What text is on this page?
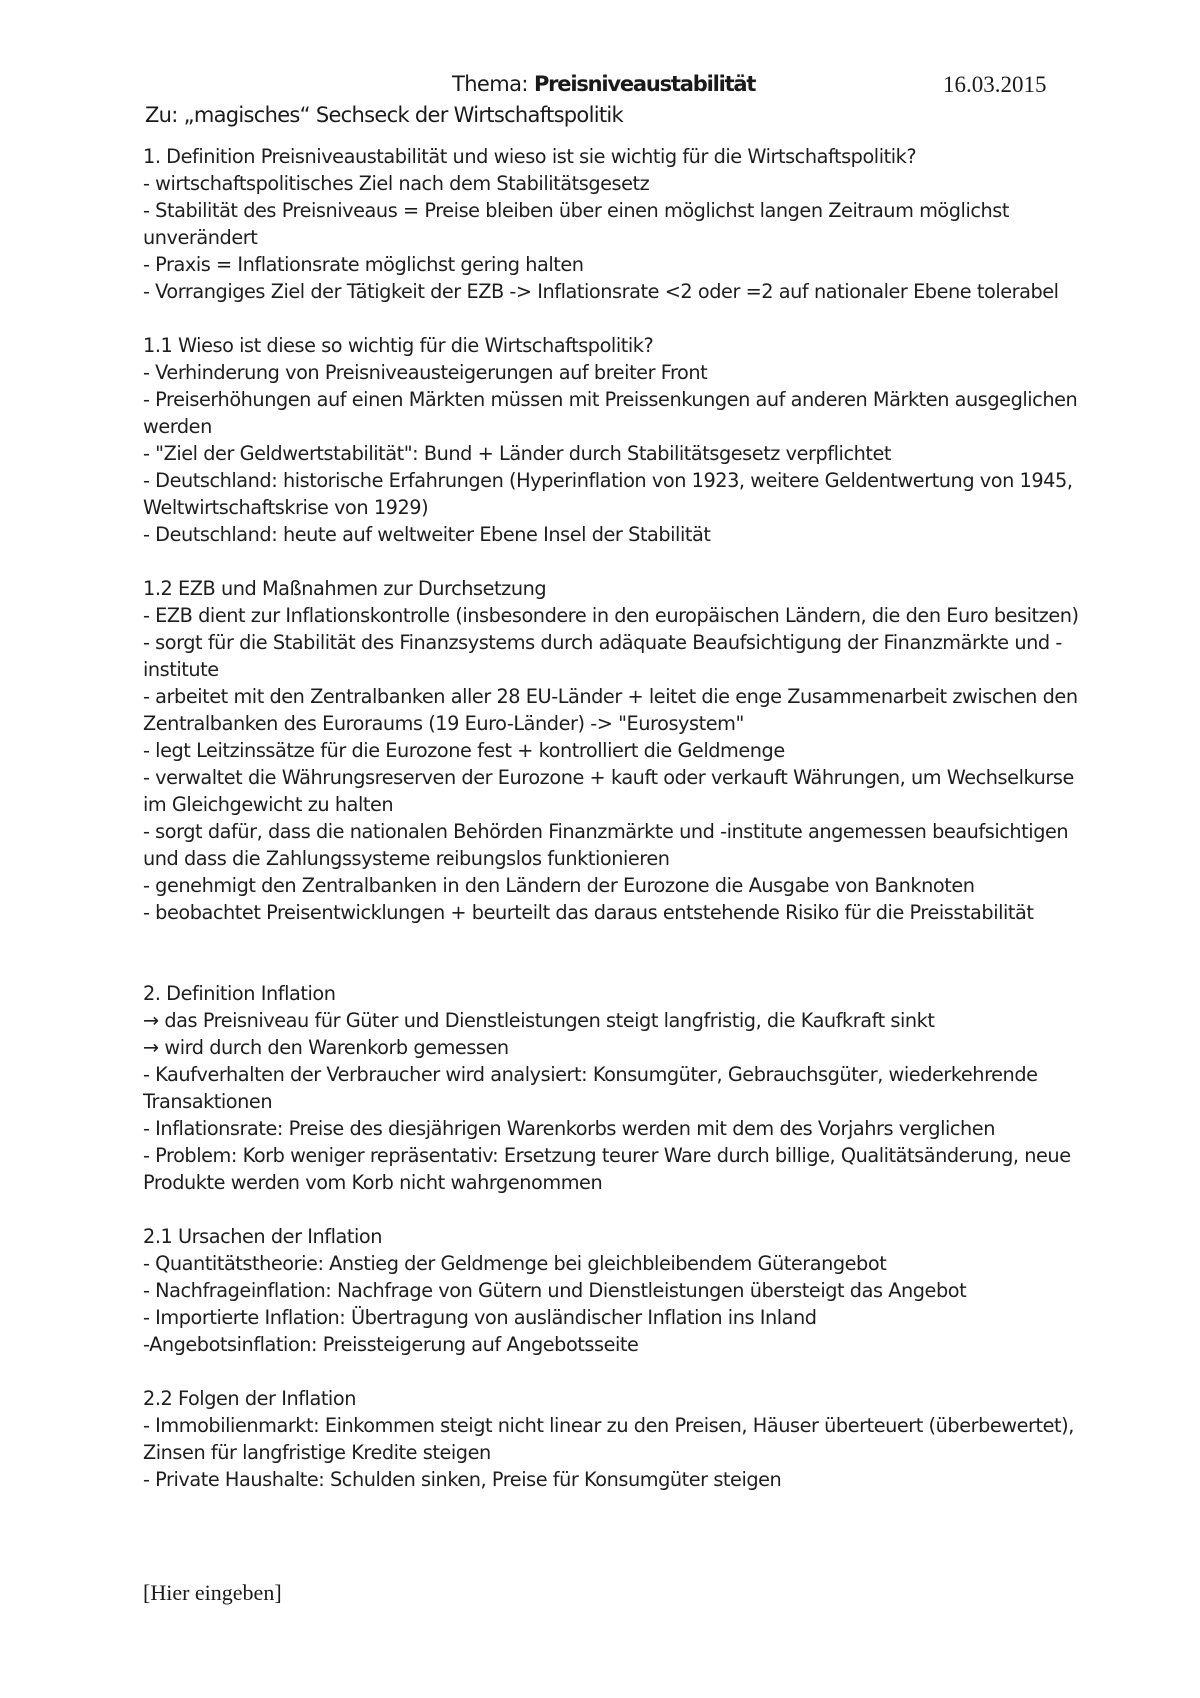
Thema: Preisniveaustabilität	16.03.2015
Zu: „magisches“ Sechseck der Wirtschaftspolitik
1. Definition Preisniveaustabilität und wieso ist sie wichtig für die Wirtschaftspolitik?
- wirtschaftspolitisches Ziel nach dem Stabilitätsgesetz
- Stabilität des Preisniveaus = Preise bleiben über einen möglichst langen Zeitraum möglichst unverändert
- Praxis = Inflationsrate möglichst gering halten
- Vorrangiges Ziel der Tätigkeit der EZB -> Inflationsrate <2 oder =2 auf nationaler Ebene tolerabel
1.1 Wieso ist diese so wichtig für die Wirtschaftspolitik?
- Verhinderung von Preisniveausteigerungen auf breiter Front
- Preiserhöhungen auf einen Märkten müssen mit Preissenkungen auf anderen Märkten ausgeglichen werden
- "Ziel der Geldwertstabilität": Bund + Länder durch Stabilitätsgesetz verpflichtet
- Deutschland: historische Erfahrungen (Hyperinflation von 1923, weitere Geldentwertung von 1945, Weltwirtschaftskrise von 1929)
- Deutschland: heute auf weltweiter Ebene Insel der Stabilität
1.2 EZB und Maßnahmen zur Durchsetzung
- EZB dient zur Inflationskontrolle (insbesondere in den europäischen Ländern, die den Euro besitzen)
- sorgt für die Stabilität des Finanzsystems durch adäquate Beaufsichtigung der Finanzmärkte und -institute
- arbeitet mit den Zentralbanken aller 28 EU-Länder + leitet die enge Zusammenarbeit zwischen den Zentralbanken des Euroraums (19 Euro-Länder) -> "Eurosystem"
- legt Leitzinssätze für die Eurozone fest + kontrolliert die Geldmenge
- verwaltet die Währungsreserven der Eurozone + kauft oder verkauft Währungen, um Wechselkurse im Gleichgewicht zu halten
- sorgt dafür, dass die nationalen Behörden Finanzmärkte und -institute angemessen beaufsichtigen und dass die Zahlungssysteme reibungslos funktionieren
- genehmigt den Zentralbanken in den Ländern der Eurozone die Ausgabe von Banknoten
- beobachtet Preisentwicklungen + beurteilt das daraus entstehende Risiko für die Preisstabilität
2. Definition Inflation
→ das Preisniveau für Güter und Dienstleistungen steigt langfristig, die Kaufkraft sinkt
→ wird durch den Warenkorb gemessen
- Kaufverhalten der Verbraucher wird analysiert: Konsumgüter, Gebrauchsgüter, wiederkehrende Transaktionen
- Inflationsrate: Preise des diesjährigen Warenkorbs werden mit dem des Vorjahrs verglichen
- Problem: Korb weniger repräsentativ: Ersetzung teurer Ware durch billige, Qualitätsänderung, neue Produkte werden vom Korb nicht wahrgenommen
2.1 Ursachen der Inflation
- Quantitätstheorie: Anstieg der Geldmenge bei gleichbleibendem Güterangebot
- Nachfrageinflation: Nachfrage von Gütern und Dienstleistungen übersteigt das Angebot
- Importierte Inflation: Übertragung von ausländischer Inflation ins Inland
-Angebotsinflation: Preissteigerung auf Angebotsseite
2.2 Folgen der Inflation
- Immobilienmarkt: Einkommen steigt nicht linear zu den Preisen, Häuser überteuert (überbewertet), Zinsen für langfristige Kredite steigen
- Private Haushalte: Schulden sinken, Preise für Konsumgüter steigen
[Hier eingeben]
